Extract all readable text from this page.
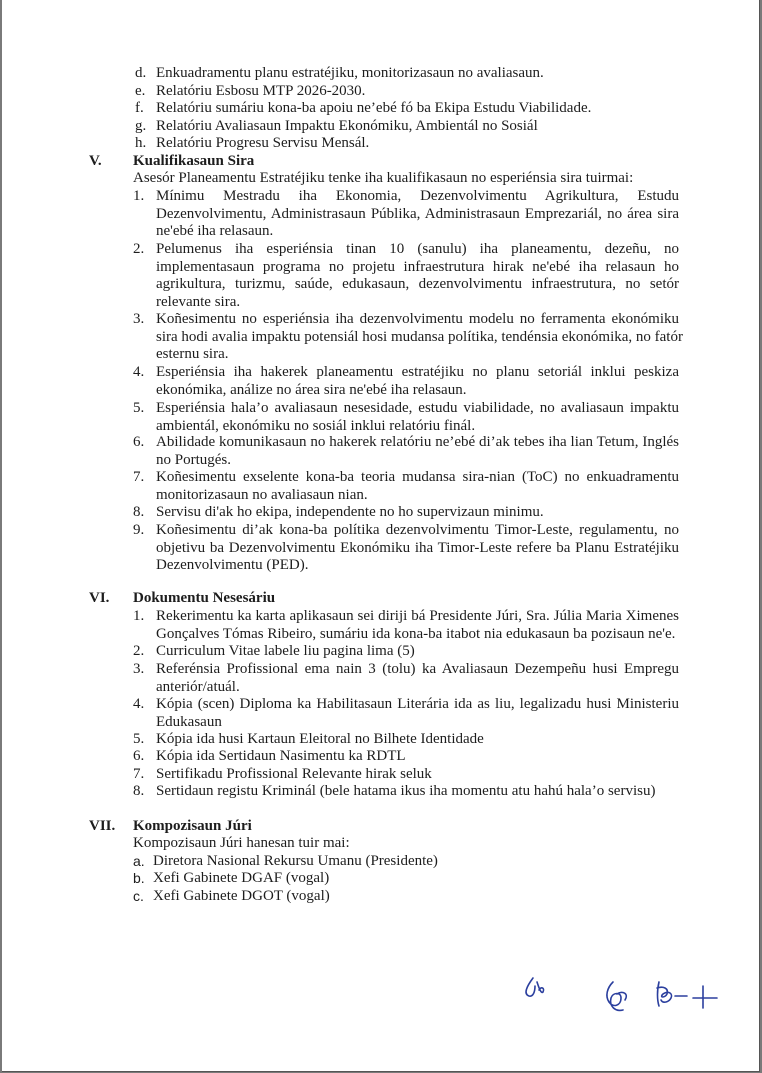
d. Enkuadramentu planu estratéjiku, monitorizasaun no avaliasaun.
e. Relatóriu Esbosu MTP 2026-2030.
f. Relatóriu sumáriu kona-ba apoiu ne’ebé fó ba Ekipa Estudu Viabilidade.
g. Relatóriu Avaliasaun Impaktu Ekonómiku, Ambientál no Sosiál
h. Relatóriu Progresu Servisu Mensál.
V. Kualifikasaun Sira
Asesór Planeamentu Estratéjiku tenke iha kualifikasaun no esperiénsia sira tuirmai:
1. Mínimu Mestradu iha Ekonomia, Dezenvolvimentu Agrikultura, Estudu
Dezenvolvimentu, Administrasaun Públika, Administrasaun Emprezariál, no área sira
ne'ebé iha relasaun.
2. Pelumenus iha esperiénsia tinan 10 (sanulu) iha planeamentu, dezeñu, no
implementasaun programa no projetu infraestrutura hirak ne'ebé iha relasaun ho
agrikultura, turizmu, saúde, edukasaun, dezenvolvimentu infraestrutura, no setór
relevante sira.
3. Koñesimentu no esperiénsia iha dezenvolvimentu modelu no ferramenta ekonómiku
sira hodi avalia impaktu potensiál hosi mudansa polítika, tendénsia ekonómika, no fatór
esternu sira.
4. Esperiénsia iha hakerek planeamentu estratéjiku no planu setoriál inklui peskiza
ekonómika, análize no área sira ne'ebé iha relasaun.
5. Esperiénsia hala’o avaliasaun nesesidade, estudu viabilidade, no avaliasaun impaktu
ambientál, ekonómiku no sosiál inklui relatóriu finál.
6. Abilidade komunikasaun no hakerek relatóriu ne’ebé di’ak tebes iha lian Tetum, Inglés
no Portugés.
7. Koñesimentu exselente kona-ba teoria mudansa sira-nian (ToC) no enkuadramentu
monitorizasaun no avaliasaun nian.
8. Servisu di'ak ho ekipa, independente no ho supervizaun minimu.
9. Koñesimentu di’ak kona-ba polítika dezenvolvimentu Timor-Leste, regulamentu, no
objetivu ba Dezenvolvimentu Ekonómiku iha Timor-Leste refere ba Planu Estratéjiku
Dezenvolvimentu (PED).
VI. Dokumentu Nesesáriu
1. Rekerimentu ka karta aplikasaun sei diriji bá Presidente Júri, Sra. Júlia Maria Ximenes
Gonçalves Tómas Ribeiro, sumáriu ida kona-ba itabot nia edukasaun ba pozisaun ne'e.
2. Curriculum Vitae labele liu pagina lima (5)
3. Referénsia Profissional ema nain 3 (tolu) ka Avaliasaun Dezempeñu husi Empregu
anteriór/atuál.
4. Kópia (scen) Diploma ka Habilitasaun Literária ida as liu, legalizadu husi Ministeriu
Edukasaun
5. Kópia ida husi Kartaun Eleitoral no Bilhete Identidade
6. Kópia ida Sertidaun Nasimentu ka RDTL
7. Sertifikadu Profissional Relevante hirak seluk
8. Sertidaun registu Kriminál (bele hatama ikus iha momentu atu hahú hala’o servisu)
VII. Kompozisaun Júri
Kompozisaun Júri hanesan tuir mai:
a. Diretora Nasional Rekursu Umanu (Presidente)
b. Xefi Gabinete DGAF (vogal)
c. Xefi Gabinete DGOT (vogal)
